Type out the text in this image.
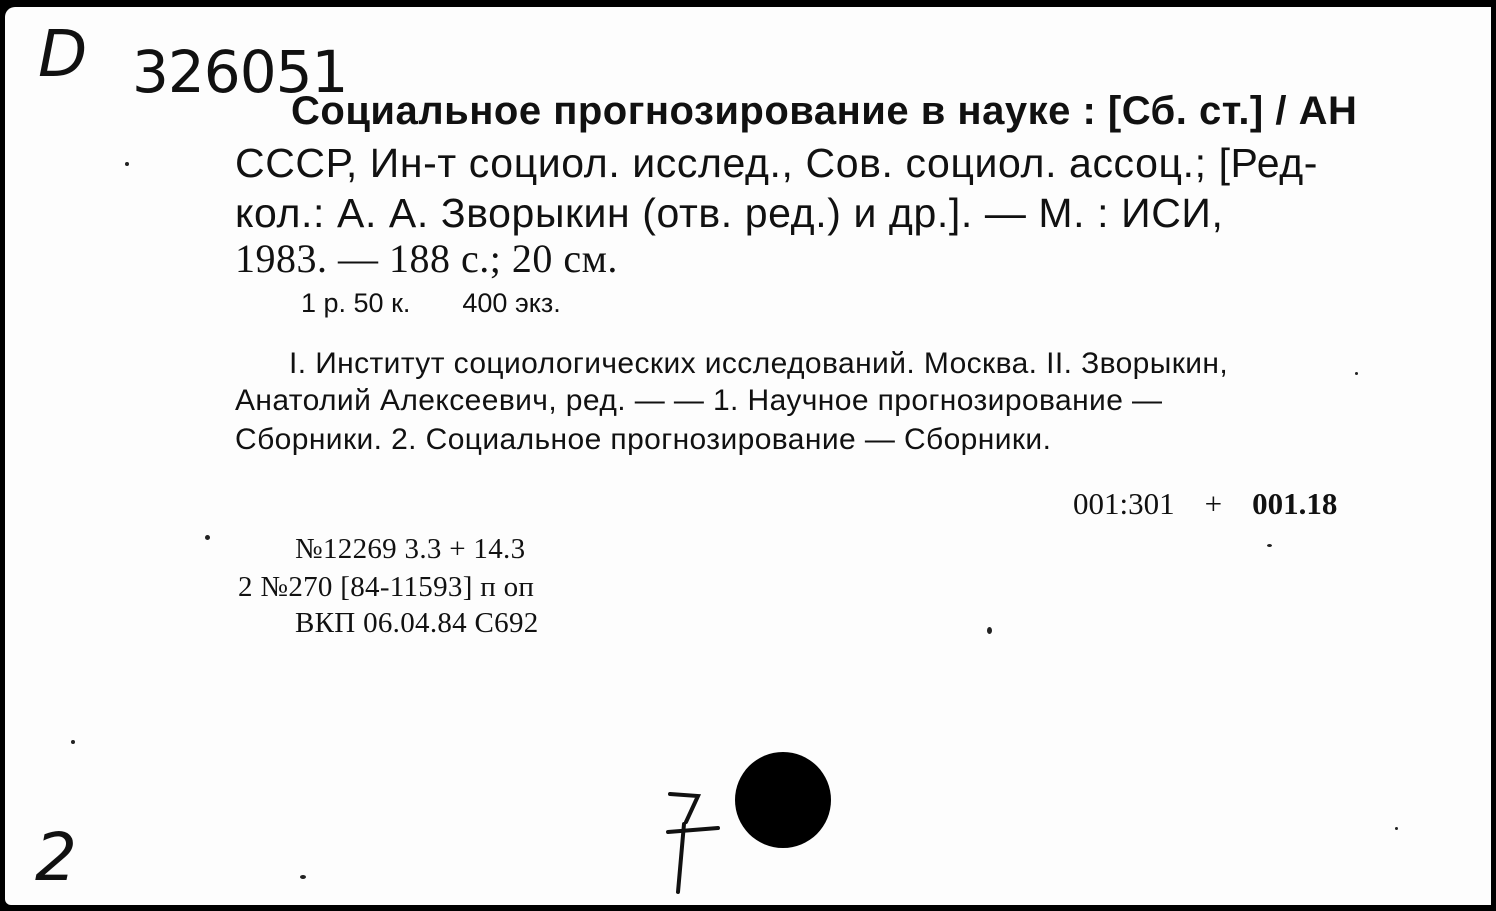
D 326051
Социальное прогнозирование в науке : [Сб. ст.] / АН
СССР, Ин-т социол. исслед., Сов. социол. ассоц.; [Ред-
кол.: А. А. Зворыкин (отв. ред.) и др.]. — М. : ИСИ,
1983. — 188 с.; 20 см.
1 р. 50 к. 400 экз.
I. Институт социологических исследований. Москва. II. Зворыкин,
Анатолий Алексеевич, ред. — — 1. Научное прогнозирование —
Сборники. 2. Социальное прогнозирование — Сборники.
001:301 + 001.18
№12269 3.3 + 14.3
2 №270 [84-11593] п оп
ВКП 06.04.84 С692
2
